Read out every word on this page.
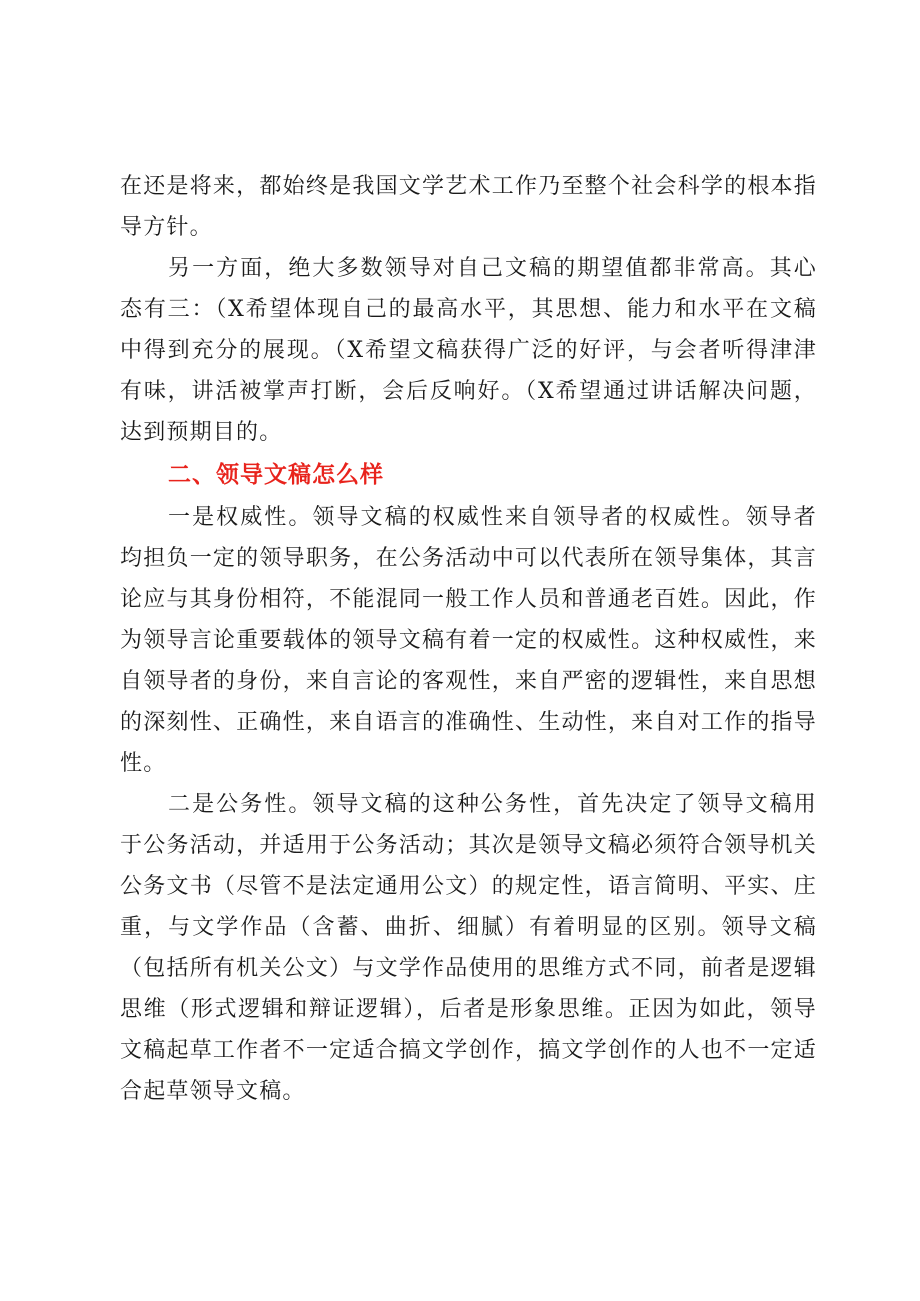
在还是将来，都始终是我国文学艺术工作乃至整个社会科学的根本指导方针。

另一方面，绝大多数领导对自己文稿的期望值都非常高。其心态有三：（X希望体现自己的最高水平，其思想、能力和水平在文稿中得到充分的展现。（X希望文稿获得广泛的好评，与会者听得津津有味，讲活被掌声打断，会后反响好。（X希望通过讲话解决问题，达到预期目的。

二、领导文稿怎么样

一是权威性。领导文稿的权威性来自领导者的权威性。领导者均担负一定的领导职务，在公务活动中可以代表所在领导集体，其言论应与其身份相符，不能混同一般工作人员和普通老百姓。因此，作为领导言论重要载体的领导文稿有着一定的权威性。这种权威性，来自领导者的身份，来自言论的客观性，来自严密的逻辑性，来自思想的深刻性、正确性，来自语言的准确性、生动性，来自对工作的指导性。

二是公务性。领导文稿的这种公务性，首先决定了领导文稿用于公务活动，并适用于公务活动；其次是领导文稿必须符合领导机关公务文书（尽管不是法定通用公文）的规定性，语言简明、平实、庄重，与文学作品（含蓄、曲折、细腻）有着明显的区别。领导文稿（包括所有机关公文）与文学作品使用的思维方式不同，前者是逻辑思维（形式逻辑和辩证逻辑），后者是形象思维。正因为如此，领导文稿起草工作者不一定适合搞文学创作，搞文学创作的人也不一定适合起草领导文稿。
